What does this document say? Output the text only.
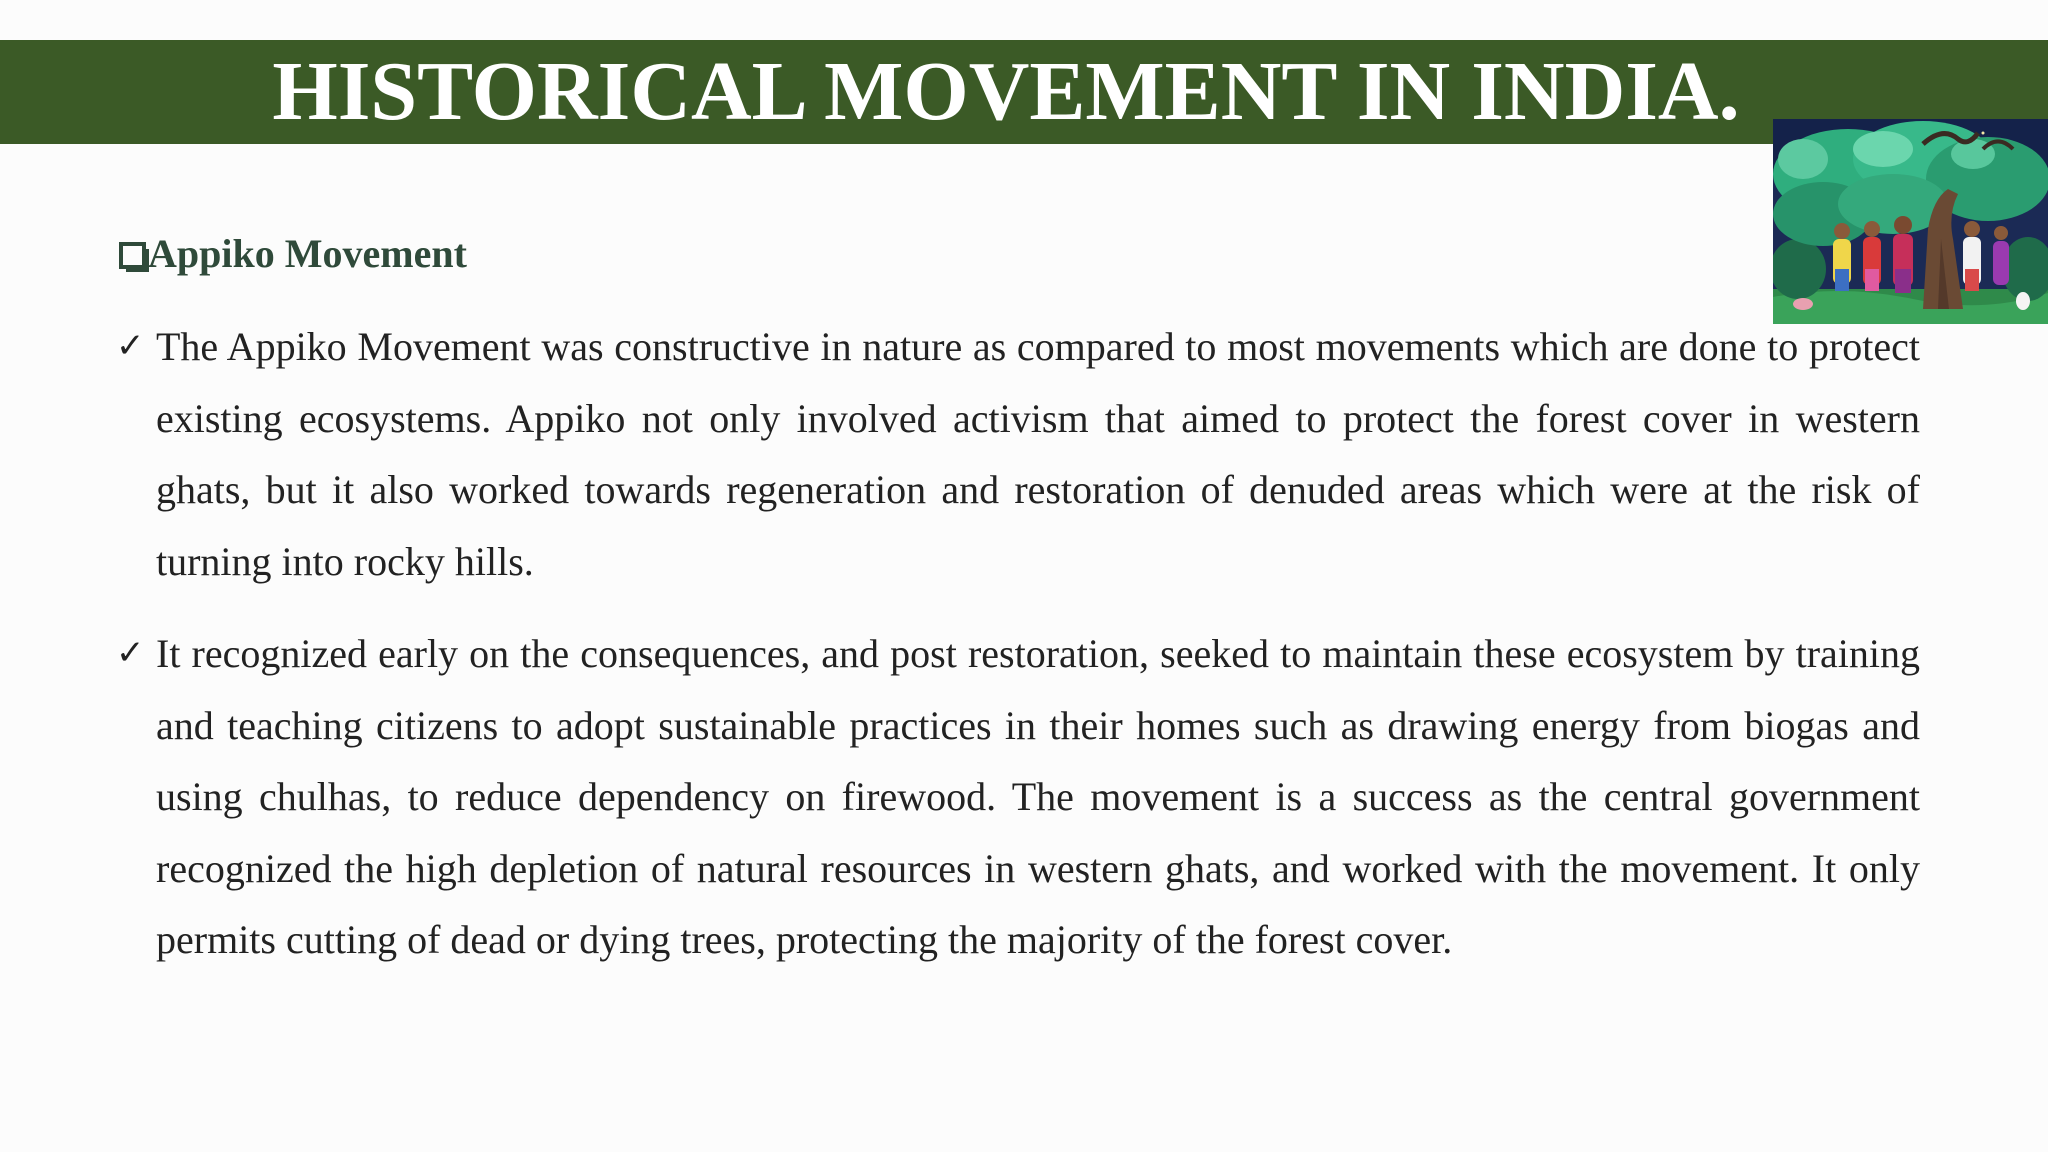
HISTORICAL MOVEMENT IN INDIA.
Appiko Movement
✓ The Appiko Movement was constructive in nature as compared to most movements which are done to protect existing ecosystems. Appiko not only involved activism that aimed to protect the forest cover in western ghats, but it also worked towards regeneration and restoration of denuded areas which were at the risk of turning into rocky hills.
✓ It recognized early on the consequences, and post restoration, seeked to maintain these ecosystem by training and teaching citizens to adopt sustainable practices in their homes such as drawing energy from biogas and using chulhas, to reduce dependency on firewood. The movement is a success as the central government recognized the high depletion of natural resources in western ghats, and worked with the movement. It only permits cutting of dead or dying trees, protecting the majority of the forest cover.
